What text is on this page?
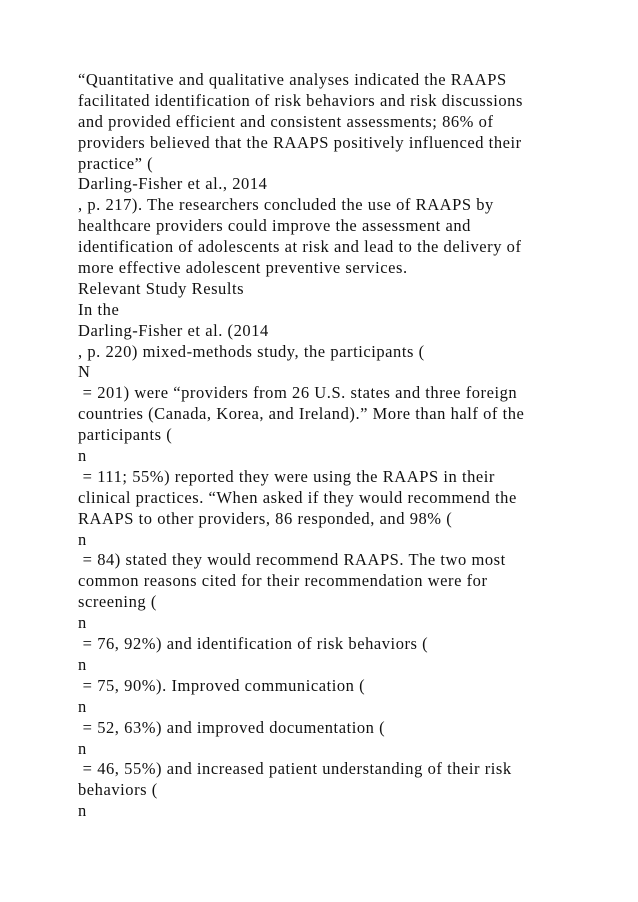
“Quantitative and qualitative analyses indicated the RAAPS
facilitated identification of risk behaviors and risk discussions
and provided efficient and consistent assessments; 86% of
providers believed that the RAAPS positively influenced their
practice” (
Darling-Fisher et al., 2014
, p. 217). The researchers concluded the use of RAAPS by
healthcare providers could improve the assessment and
identification of adolescents at risk and lead to the delivery of
more effective adolescent preventive services.
Relevant Study Results
In the
Darling-Fisher et al. (2014
, p. 220) mixed-methods study, the participants (
N
= 201) were “providers from 26 U.S. states and three foreign
countries (Canada, Korea, and Ireland).” More than half of the
participants (
n
= 111; 55%) reported they were using the RAAPS in their
clinical practices. “When asked if they would recommend the
RAAPS to other providers, 86 responded, and 98% (
n
= 84) stated they would recommend RAAPS. The two most
common reasons cited for their recommendation were for
screening (
n
= 76, 92%) and identification of risk behaviors (
n
= 75, 90%). Improved communication (
n
= 52, 63%) and improved documentation (
n
= 46, 55%) and increased patient understanding of their risk
behaviors (
n
